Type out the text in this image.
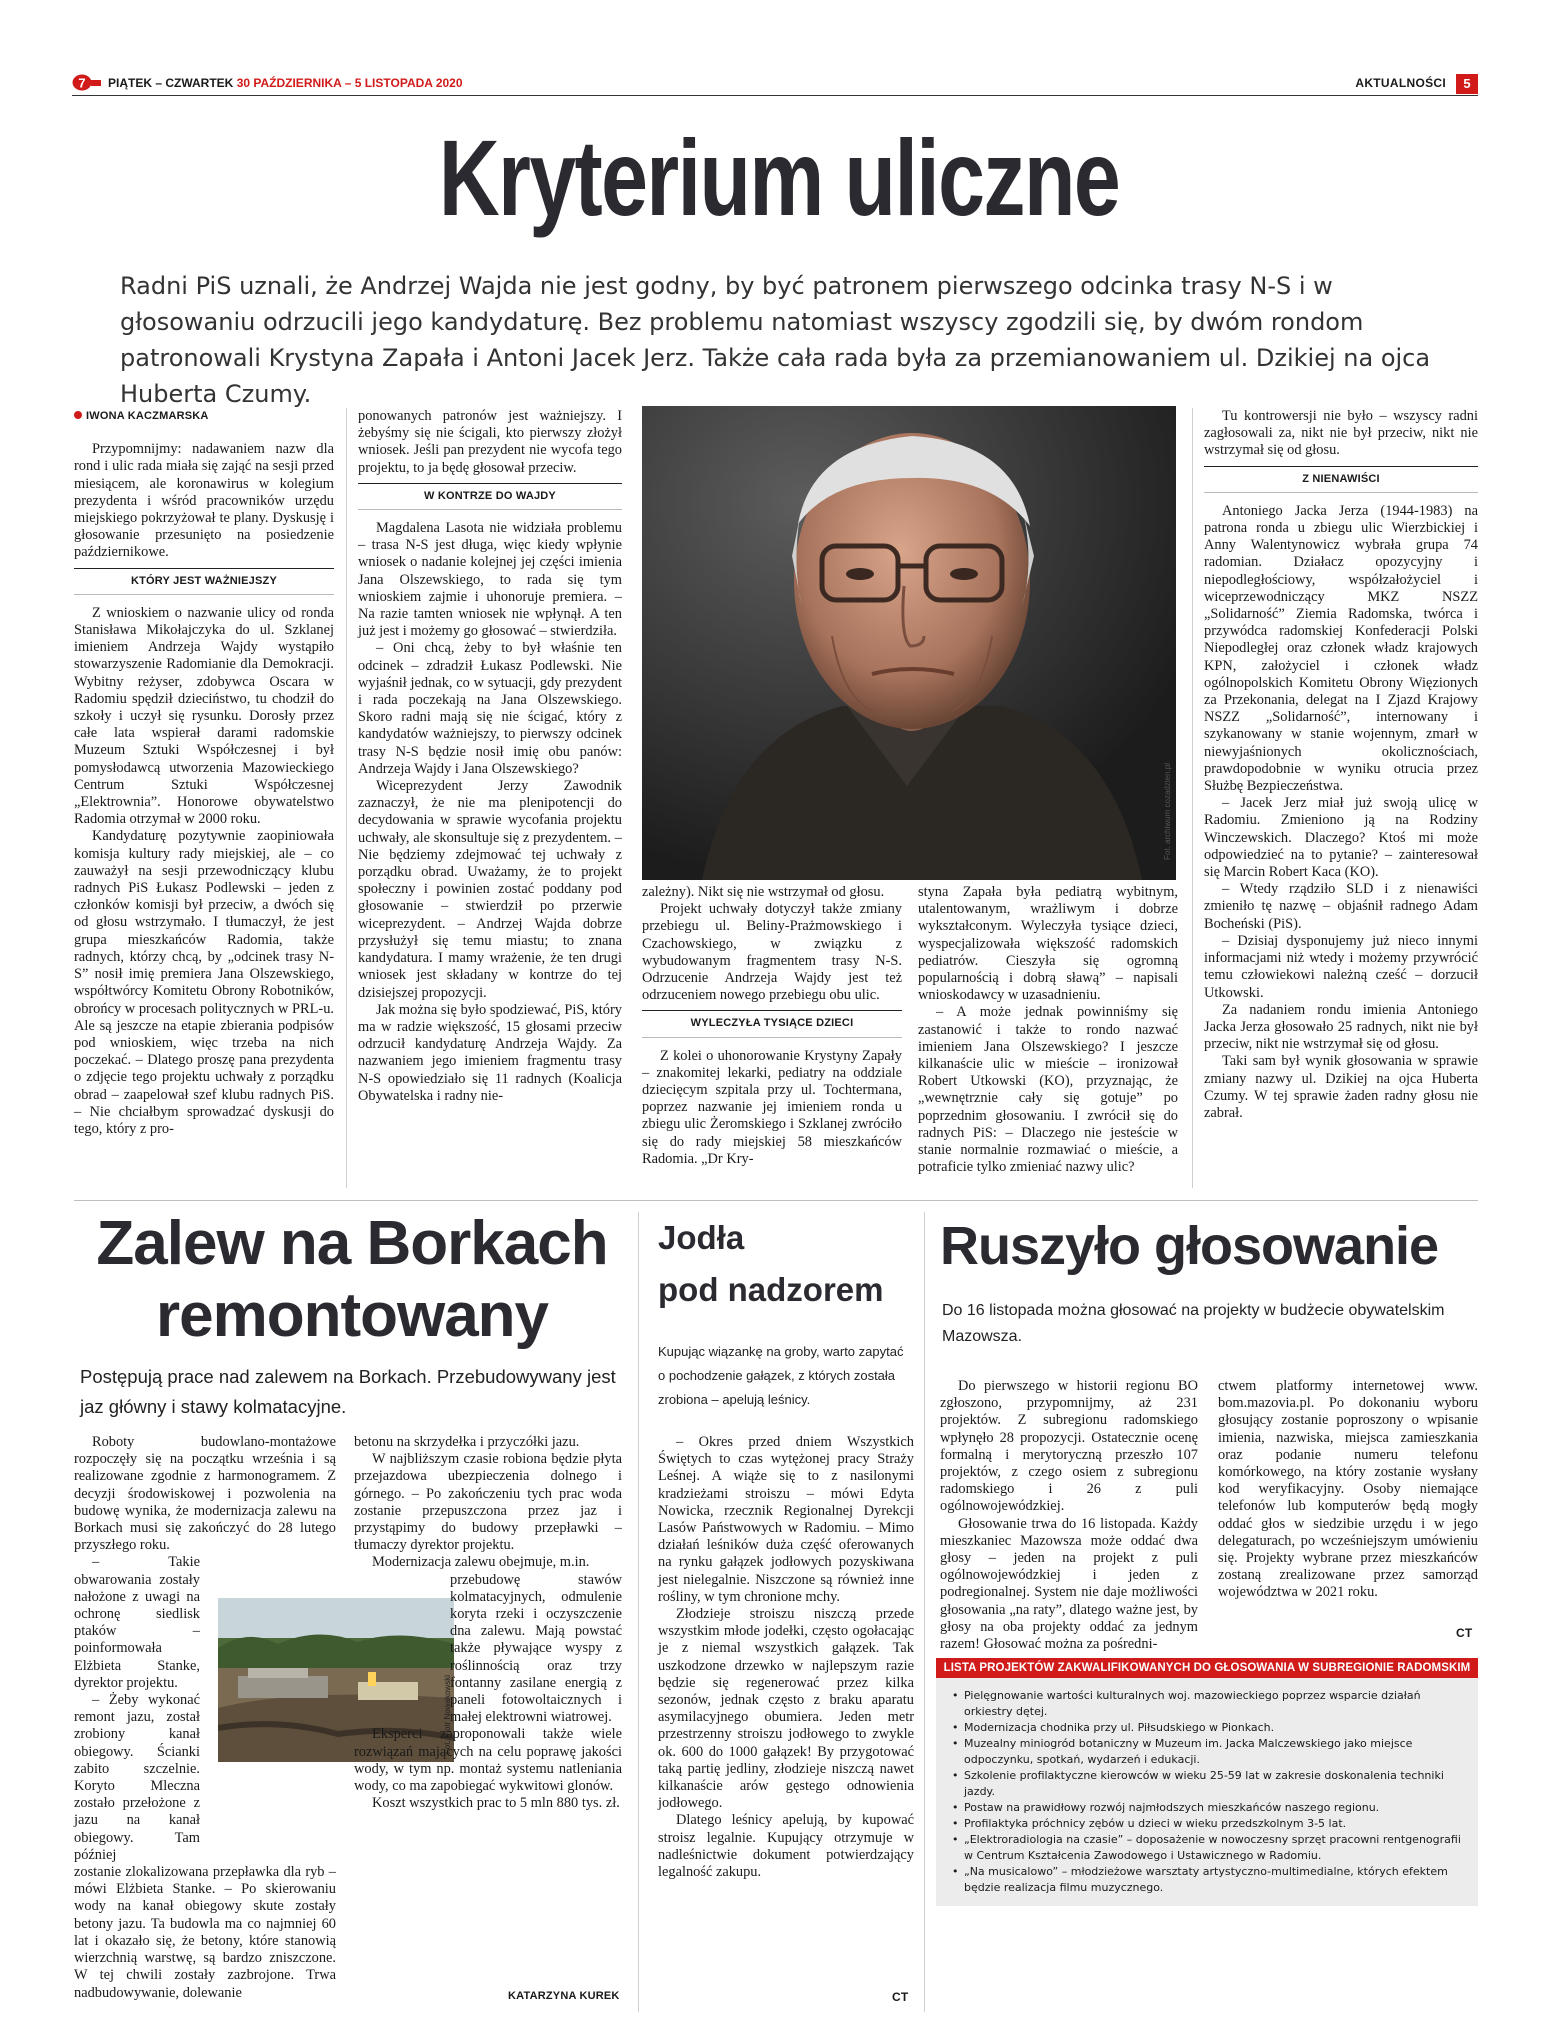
7 PIĄTEK – CZWARTEK 30 PAŹDZIERNIKA – 5 LISTOPADA 2020	AKTUALNOŚCI	5
Kryterium uliczne
Radni PiS uznali, że Andrzej Wajda nie jest godny, by być patronem pierwszego odcinka trasy N-S i w głosowaniu odrzucili jego kandydaturę. Bez problemu natomiast wszyscy zgodzili się, by dwóm rondom patronowali Krystyna Zapała i Antoni Jacek Jerz. Także cała rada była za przemianowaniem ul. Dzikiej na ojca Huberta Czumy.
IWONA KACZMARSKA

Przypomnijmy: nadawaniem nazw dla rond i ulic rada miała się zająć na sesji przed miesiącem, ale koronawirus w kolegium prezydenta i wśród pracowników urzędu miejskiego pokrzyżował te plany. Dyskusję i głosowanie przesunięto na posiedzenie październikowe.

KTÓRY JEST WAŻNIEJSZY

Z wnioskiem o nazwanie ulicy od ronda Stanisława Mikołajczyka do ul. Szklanej imieniem Andrzeja Wajdy wystąpiło stowarzyszenie Radomianie dla Demokracji. Wybitny reżyser, zdobywca Oscara w Radomiu spędził dzieciństwo, tu chodził do szkoły i uczył się rysunku. Dorosły przez całe lata wspierał darami radomskie Muzeum Sztuki Współczesnej i był pomysłodawcą utworzenia Mazowieckiego Centrum Sztuki Współczesnej „Elektrownia”. Honorowe obywatelstwo Radomia otrzymał w 2000 roku.

Kandydaturę pozytywnie zaopiniowała komisja kultury rady miejskiej, ale – co zauważył na sesji przewodniczący klubu radnych PiS Łukasz Podlewski – jeden z członków komisji był przeciw, a dwóch się od głosu wstrzymało. I tłumaczył, że jest grupa mieszkańców Radomia, także radnych, którzy chcą, by „odcinek trasy N-S” nosił imię premiera Jana Olszewskiego, współtwórcy Komitetu Obrony Robotników, obrońcy w procesach politycznych w PRL-u. Ale są jeszcze na etapie zbierania podpisów pod wnioskiem, więc trzeba na nich poczekać. – Dlatego proszę pana prezydenta o zdjęcie tego projektu uchwały z porządku obrad – zaapelował szef klubu radnych PiS. – Nie chciałbym sprowadzać dyskusji do tego, który z pro-

ponowanych patronów jest ważniejszy. I żebyśmy się nie ścigali, kto pierwszy złożył wniosek. Jeśli pan prezydent nie wycofa tego projektu, to ja będę głosował przeciw.

W KONTRZE DO WAJDY

Magdalena Lasota nie widziała problemu – trasa N-S jest długa, więc kiedy wpłynie wniosek o nadanie kolejnej jej części imienia Jana Olszewskiego, to rada się tym wnioskiem zajmie i uhonoruje premiera. – Na razie tamten wniosek nie wpłynął. A ten już jest i możemy go głosować – stwierdziła.

– Oni chcą, żeby to był właśnie ten odcinek – zdradził Łukasz Podlewski. Nie wyjaśnił jednak, co w sytuacji, gdy prezydent i rada poczekają na Jana Olszewskiego. Skoro radni mają się nie ścigać, który z kandydatów ważniejszy, to pierwszy odcinek trasy N-S będzie nosił imię obu panów: Andrzeja Wajdy i Jana Olszewskiego?

Wiceprezydent Jerzy Zawodnik zaznaczył, że nie ma plenipotencji do decydowania w sprawie wycofania projektu uchwały, ale skonsultuje się z prezydentem. – Nie będziemy zdejmować tej uchwały z porządku obrad. Uważamy, że to projekt społeczny i powinien zostać poddany pod głosowanie – stwierdził po przerwie wiceprezydent. – Andrzej Wajda dobrze przysłużył się temu miastu; to znana kandydatura. I mamy wrażenie, że ten drugi wniosek jest składany w kontrze do tej dzisiejszej propozycji.

Jak można się było spodziewać, PiS, który ma w radzie większość, 15 głosami przeciw odrzucił kandydaturę Andrzeja Wajdy. Za nazwaniem jego imieniem fragmentu trasy N-S opowiedziało się 11 radnych (Koalicja Obywatelska i radny nie-

Fot. archiwum cozadzien.pl

zależny). Nikt się nie wstrzymał od głosu.

Projekt uchwały dotyczył także zmiany przebiegu ul. Beliny-Prażmowskiego i Czachowskiego, w związku z wybudowanym fragmentem trasy N-S. Odrzucenie Andrzeja Wajdy jest też odrzuceniem nowego przebiegu obu ulic.

WYLECZYŁA TYSIĄCE DZIECI

Z kolei o uhonorowanie Krystyny Zapały – znakomitej lekarki, pediatry na oddziale dziecięcym szpitala przy ul. Tochtermana, poprzez nazwanie jej imieniem ronda u zbiegu ulic Żeromskiego i Szklanej zwróciło się do rady miejskiej 58 mieszkańców Radomia. „Dr Kry-

styna Zapała była pediatrą wybitnym, utalentowanym, wrażliwym i dobrze wykształconym. Wyleczyła tysiące dzieci, wyspecjalizowała większość radomskich pediatrów. Cieszyła się ogromną popularnością i dobrą sławą” – napisali wnioskodawcy w uzasadnieniu.

– A może jednak powinniśmy się zastanowić i także to rondo nazwać imieniem Jana Olszewskiego? I jeszcze kilkanaście ulic w mieście – ironizował Robert Utkowski (KO), przyznając, że „wewnętrznie cały się gotuje” po poprzednim głosowaniu. I zwrócił się do radnych PiS: – Dlaczego nie jesteście w stanie normalnie rozmawiać o mieście, a potraficie tylko zmieniać nazwy ulic?

Tu kontrowersji nie było – wszyscy radni zagłosowali za, nikt nie był przeciw, nikt nie wstrzymał się od głosu.

Z NIENAWIŚCI

Antoniego Jacka Jerza (1944-1983) na patrona ronda u zbiegu ulic Wierzbickiej i Anny Walentynowicz wybrała grupa 74 radomian. Działacz opozycyjny i niepodległościowy, współzałożyciel i wiceprzewodniczący MKZ NSZZ „Solidarność” Ziemia Radomska, twórca i przywódca radomskiej Konfederacji Polski Niepodległej oraz członek władz krajowych KPN, założyciel i członek władz ogólnopolskich Komitetu Obrony Więzionych za Przekonania, delegat na I Zjazd Krajowy NSZZ „Solidarność”, internowany i szykanowany w stanie wojennym, zmarł w niewyjaśnionych okolicznościach, prawdopodobnie w wyniku otrucia przez Służbę Bezpieczeństwa.

– Jacek Jerz miał już swoją ulicę w Radomiu. Zmieniono ją na Rodziny Winczewskich. Dlaczego? Ktoś mi może odpowiedzieć na to pytanie? – zainteresował się Marcin Robert Kaca (KO).

– Wtedy rządziło SLD i z nienawiści zmieniło tę nazwę – objaśnił radnego Adam Bocheński (PiS).

– Dzisiaj dysponujemy już nieco innymi informacjami niż wtedy i możemy przywrócić temu człowiekowi należną cześć – dorzucił Utkowski.

Za nadaniem rondu imienia Antoniego Jacka Jerza głosowało 25 radnych, nikt nie był przeciw, nikt nie wstrzymał się od głosu.

Taki sam był wynik głosowania w sprawie zmiany nazwy ul. Dzikiej na ojca Huberta Czumy. W tej sprawie żaden radny głosu nie zabrał.

Zalew na Borkach
remontowany
Postępują prace nad zalewem na Borkach. Przebudowywany jest jaz główny i stawy kolmatacyjne.

Roboty budowlano-montażowe rozpoczęły się na początku września i są realizowane zgodnie z harmonogramem. Z decyzji środowiskowej i pozwolenia na budowę wynika, że modernizacja zalewu na Borkach musi się zakończyć do 28 lutego przyszłego roku.

– Takie obwarowania zostały nałożone z uwagi na ochronę siedlisk ptaków – poinformowała Elżbieta Stanke, dyrektor projektu.

– Żeby wykonać remont jazu, został zrobiony kanał obiegowy. Ścianki zabito szczelnie. Koryto Mleczna zostało przełożone z jazu na kanał obiegowy. Tam później

zostanie zlokalizowana przepławka dla ryb – mówi Elżbieta Stanke. – Po skierowaniu wody na kanał obiegowy skute zostały betony jazu. Ta budowla ma co najmniej 60 lat i okazało się, że betony, które stanowią wierzchnią warstwę, są bardzo zniszczone. W tej chwili zostały zazbrojone. Trwa nadbudowywanie, dolewanie

Fot. Piotr Nowakowski

betonu na skrzydełka i przyczółki jazu.

W najbliższym czasie robiona będzie płyta przejazdowa ubezpieczenia dolnego i górnego. – Po zakończeniu tych prac woda zostanie przepuszczona przez jaz i przystąpimy do budowy przepławki – tłumaczy dyrektor projektu.

Modernizacja zalewu obejmuje, m.in.

przebudowę stawów kolmatacyjnych, odmulenie koryta rzeki i oczyszczenie dna zalewu. Mają powstać także pływające wyspy z roślinnością oraz trzy fontanny zasilane energią z paneli fotowoltaicznych i małej elektrowni wiatrowej.

Eksperci zaproponowali także wiele rozwiązań mających na celu poprawę jakości wody, w tym np. montaż systemu natleniania wody, co ma zapobiegać wykwitowi glonów.

Koszt wszystkich prac to 5 mln 880 tys. zł.

KATARZYNA KUREK
Jodła
pod nadzorem
Kupując wiązankę na groby, warto zapytać o pochodzenie gałązek, z których została zrobiona – apelują leśnicy.

– Okres przed dniem Wszystkich Świętych to czas wytężonej pracy Straży Leśnej. A wiąże się to z nasilonymi kradzieżami stroiszu – mówi Edyta Nowicka, rzecznik Regionalnej Dyrekcji Lasów Państwowych w Radomiu. – Mimo działań leśników duża część oferowanych na rynku gałązek jodłowych pozyskiwana jest nielegalnie. Niszczone są również inne rośliny, w tym chronione mchy.

Złodzieje stroiszu niszczą przede wszystkim młode jodełki, często ogołacając je z niemal wszystkich gałązek. Tak uszkodzone drzewko w najlepszym razie będzie się regenerować przez kilka sezonów, jednak często z braku aparatu asymilacyjnego obumiera. Jeden metr przestrzenny stroiszu jodłowego to zwykle ok. 600 do 1000 gałązek! By przygotować taką partię jedliny, złodzieje niszczą nawet kilkanaście arów gęstego odnowienia jodłowego.

Dlatego leśnicy apelują, by kupować stroisz legalnie. Kupujący otrzymuje w nadleśnictwie dokument potwierdzający legalność zakupu.

CT
Ruszyło głosowanie
Do 16 listopada można głosować na projekty w budżecie obywatelskim Mazowsza.

Do pierwszego w historii regionu BO zgłoszono, przypomnijmy, aż 231 projektów. Z subregionu radomskiego wpłynęło 28 propozycji. Ostatecznie ocenę formalną i merytoryczną przeszło 107 projektów, z czego osiem z subregionu radomskiego i 26 z puli ogólnowojewódzkiej.

Głosowanie trwa do 16 listopada. Każdy mieszkaniec Mazowsza może oddać dwa głosy – jeden na projekt z puli ogólnowojewódzkiej i jeden z podregionalnej. System nie daje możliwości głosowania „na raty”, dlatego ważne jest, by głosy na oba projekty oddać za jednym razem! Głosować można za pośredni-

ctwem platformy internetowej www. bom.mazovia.pl. Po dokonaniu wyboru głosujący zostanie poproszony o wpisanie imienia, nazwiska, miejsca zamieszkania oraz podanie numeru telefonu komórkowego, na który zostanie wysłany kod weryfikacyjny. Osoby niemające telefonów lub komputerów będą mogły oddać głos w siedzibie urzędu i w jego delegaturach, po wcześniejszym umówieniu się. Projekty wybrane przez mieszkańców zostaną zrealizowane przez samorząd województwa w 2021 roku.

CT
LISTA PROJEKTÓW ZAKWALIFIKOWANYCH DO GŁOSOWANIA W SUBREGIONIE RADOMSKIM
• Pielęgnowanie wartości kulturalnych woj. mazowieckiego poprzez wsparcie działań orkiestry dętej.
• Modernizacja chodnika przy ul. Piłsudskiego w Pionkach.
• Muzealny miniogród botaniczny w Muzeum im. Jacka Malczewskiego jako miejsce odpoczynku, spotkań, wydarzeń i edukacji.
• Szkolenie profilaktyczne kierowców w wieku 25-59 lat w zakresie doskonalenia techniki jazdy.
• Postaw na prawidłowy rozwój najmłodszych mieszkańców naszego regionu.
• Profilaktyka próchnicy zębów u dzieci w wieku przedszkolnym 3-5 lat.
• „Elektroradiologia na czasie” – doposażenie w nowoczesny sprzęt pracowni rentgenografii w Centrum Kształcenia Zawodowego i Ustawicznego w Radomiu.
• „Na musicalowo” – młodzieżowe warsztaty artystyczno-multimedialne, których efektem będzie realizacja filmu muzycznego.
